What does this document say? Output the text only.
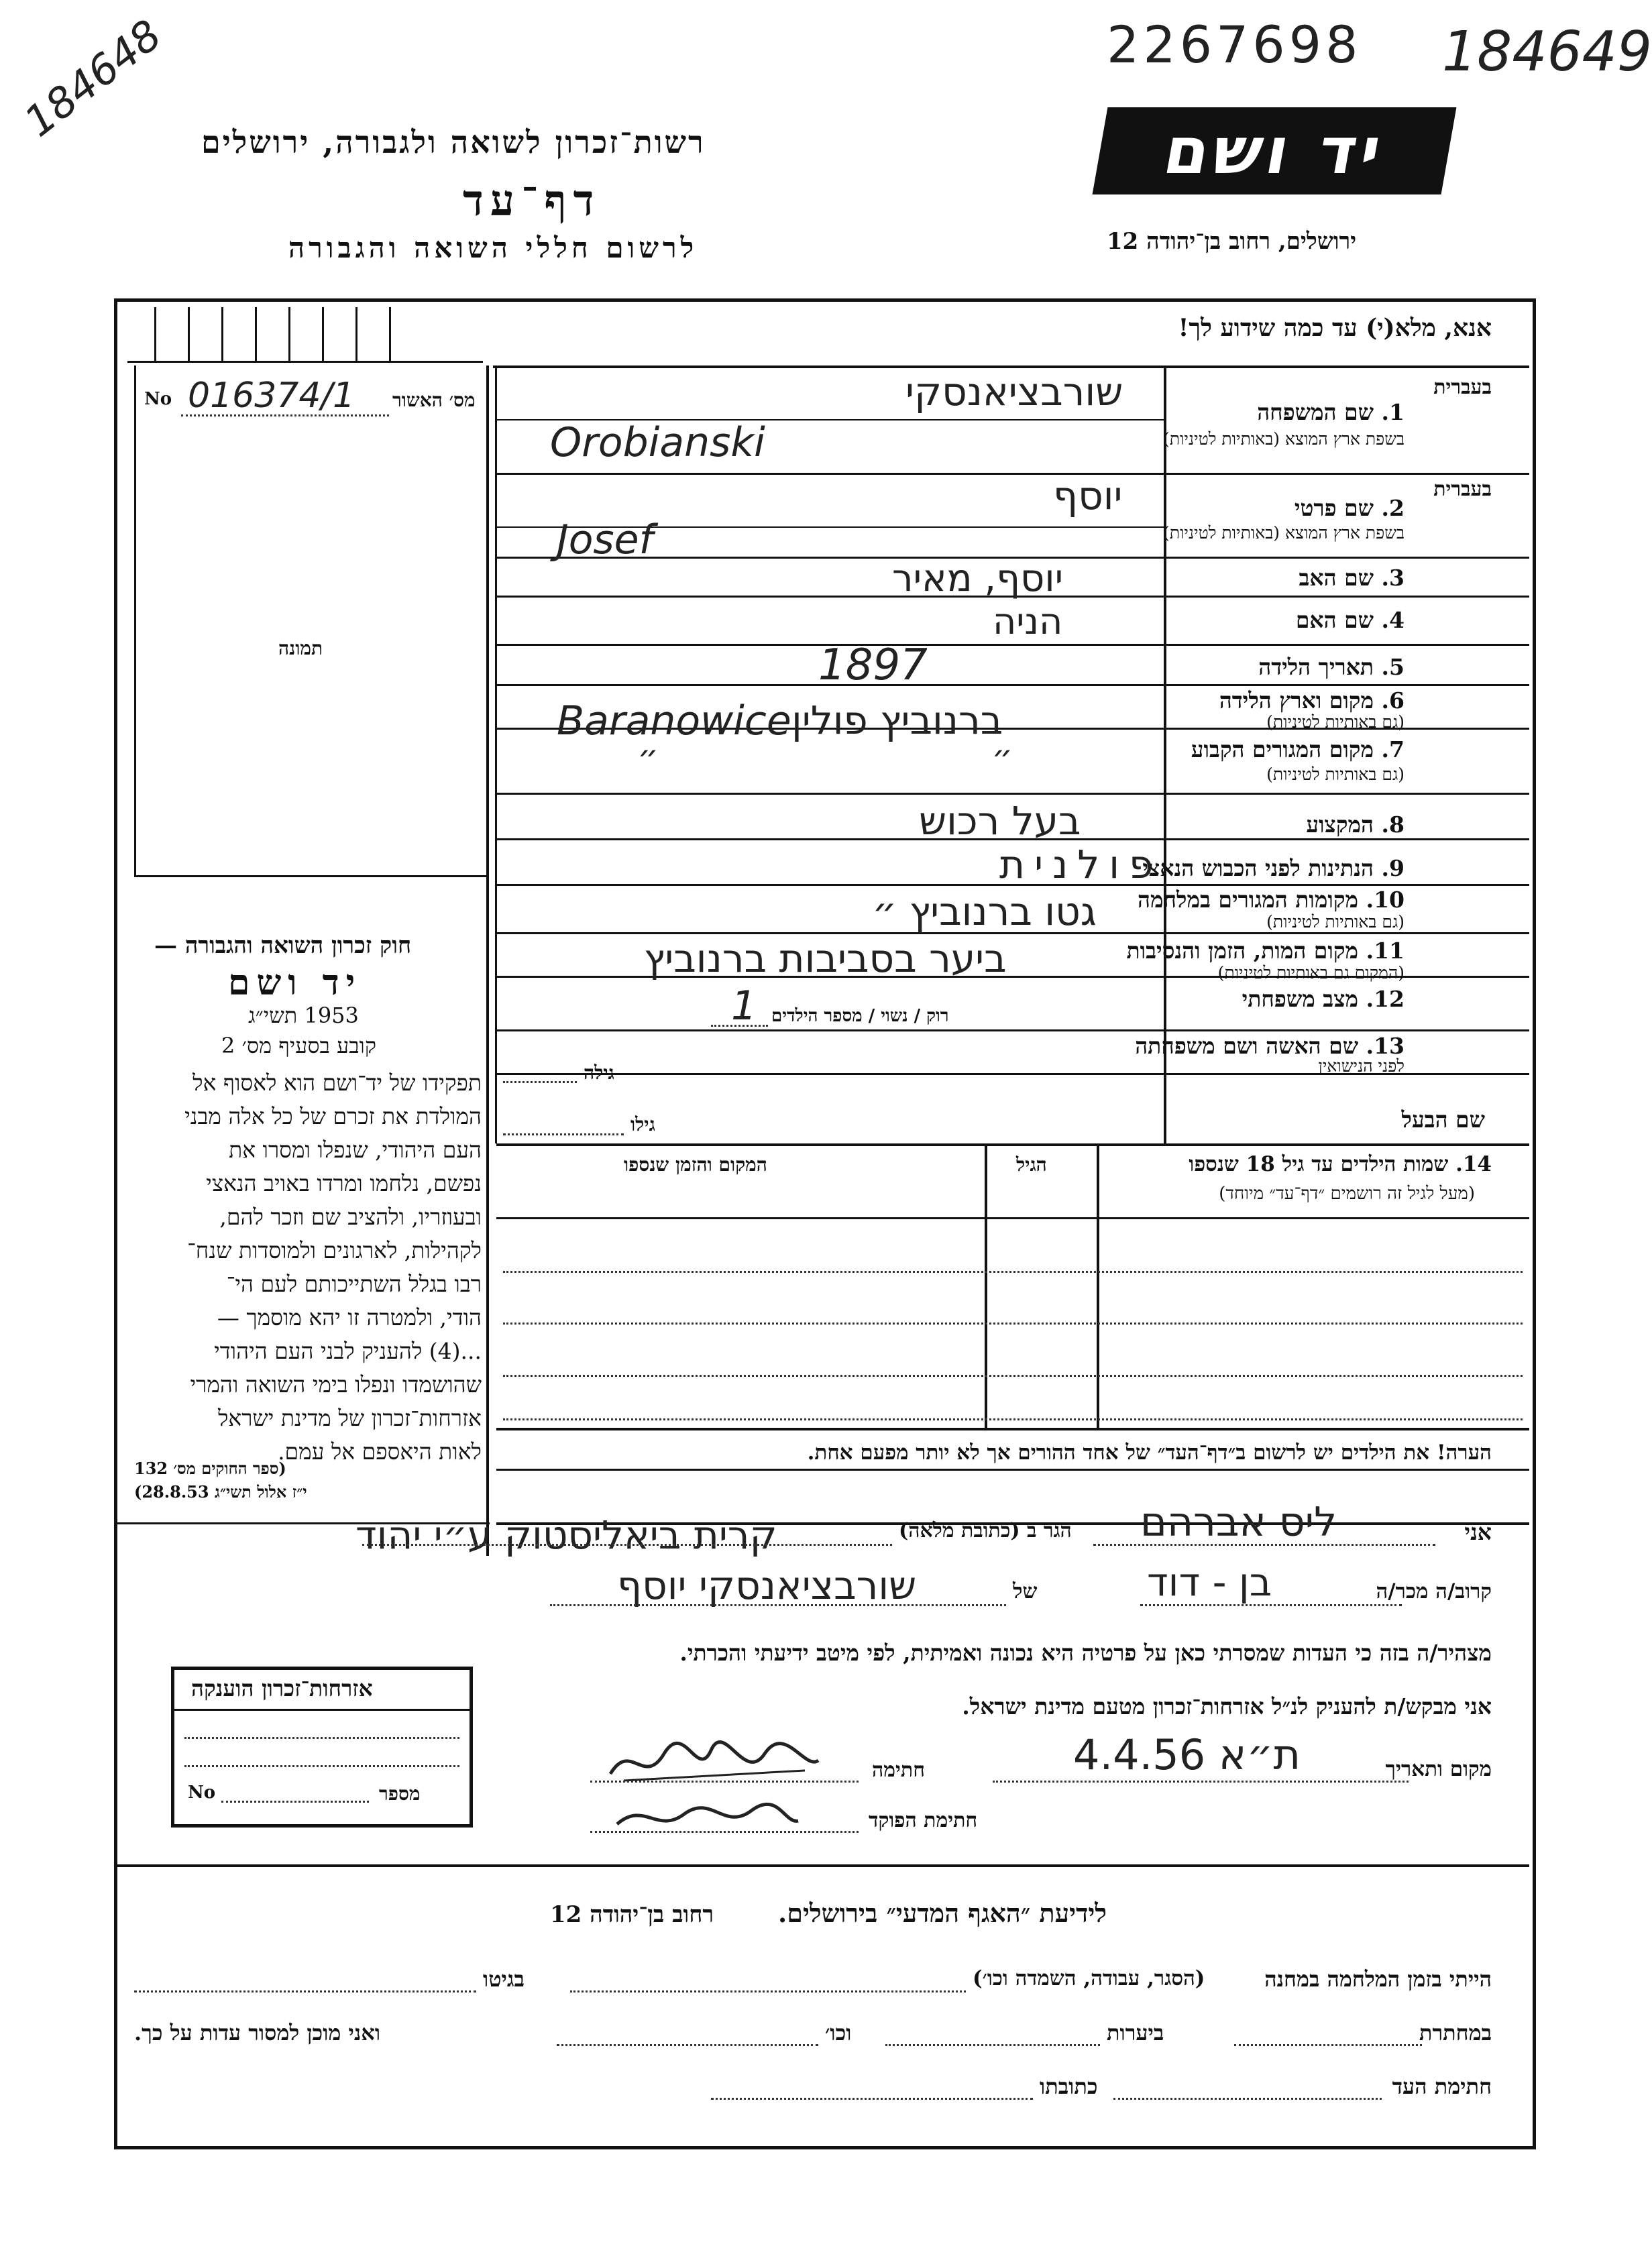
184648	2267698 184649
רשות־זכרון לשואה ולגבורה, ירושלים
דף־עד
לרשום חללי השואה והגבורה
יד ושם
ירושלים, רחוב בן־יהודה 12
אנא, מלא(י) עד כמה שידוע לך!
No 016374/1 מס׳ האשור
תמונה
בעברית
1. שם המשפחה
בשפת ארץ המוצא (באותיות לטיניות)
שורבציאנסקי
Orobianski
בעברית
2. שם פרטי
בשפת ארץ המוצא (באותיות לטיניות)
יוסף
Josef
3. שם האב
יוסף, מאיר
4. שם האם
הניה
5. תאריך הלידה
1897
6. מקום וארץ הלידה
(גם באותיות לטיניות)
ברנוביץ פולין
Baranowice
7. מקום המגורים הקבוע
(גם באותיות לטיניות)
״ ״
8. המקצוע
בעל רכוש
9. הנתינות לפני הכבוש הנאצי
פולנית
10. מקומות המגורים במלחמה
(גם באותיות לטיניות)
גטו ברנוביץ ״
11. מקום המות, הזמן והנסיבות
(המקום גם באותיות לטיניות)
ביער בסביבות ברנוביץ
12. מצב משפחתי
רוק / נשוי / מספר הילדים
1
13. שם האשה ושם משפחתה
לפני הנישואין
גילה
שם הבעל
גילו
14. שמות הילדים עד גיל 18 שנספו
(מעל לגיל זה רושמים ״דף־עד״ מיוחד)
הגיל
המקום והזמן שנספו
הערה! את הילדים יש לרשום ב״דף־העד״ של אחד ההורים אך לא יותר מפעם אחת.
חוק זכרון השואה והגבורה —
יד ושם
1953 תשי״ג
קובע בסעיף מס׳ 2
תפקידו של יד־ושם הוא לאסוף אל
המולדת את זכרם של כל אלה מבני
העם היהודי, שנפלו ומסרו את
נפשם, נלחמו ומרדו באויב הנאצי
ובעוזריו, ולהציב שם וזכר להם,
לקהילות, לארגונים ולמוסדות שנח־
רבו בגלל השתייכותם לעם הי־
הודי, ולמטרה זו יהא מוסמך —
...(4) להעניק לבני העם היהודי
שהושמדו ונפלו בימי השואה והמרי
אזרחות־זכרון של מדינת ישראל
לאות היאספם אל עמם.
(ספר החוקים מס׳ 132
י״ז אלול תשי״ג 28.8.53)
אני
ליס אברהם
הגר ב (כתובת מלאה)
קרית ביאליסטוק ע״י יהוד
קרוב/ה מכר/ה
בן - דוד
של
שורבציאנסקי יוסף
מצהיר/ה בזה כי העדות שמסרתי כאן על פרטיה היא נכונה ואמיתית, לפי מיטב ידיעתי והכרתי.
אני מבקש/ת להעניק לנ״ל אזרחות־זכרון מטעם מדינת ישראל.
מקום ותאריך
ת״א 4.4.56
חתימה
חתימת הפוקד
אזרחות־זכרון הוענקה
No	מספר
לידיעת ״האגף המדעי״ בירושלים.
רחוב בן־יהודה 12
הייתי בזמן המלחמה במחנה
(הסגר, עבודה, השמדה וכו׳)
בגיטו
במחתרת
ביערות
וכו׳
ואני מוכן למסור עדות על כך.
חתימת העד
כתובתו
